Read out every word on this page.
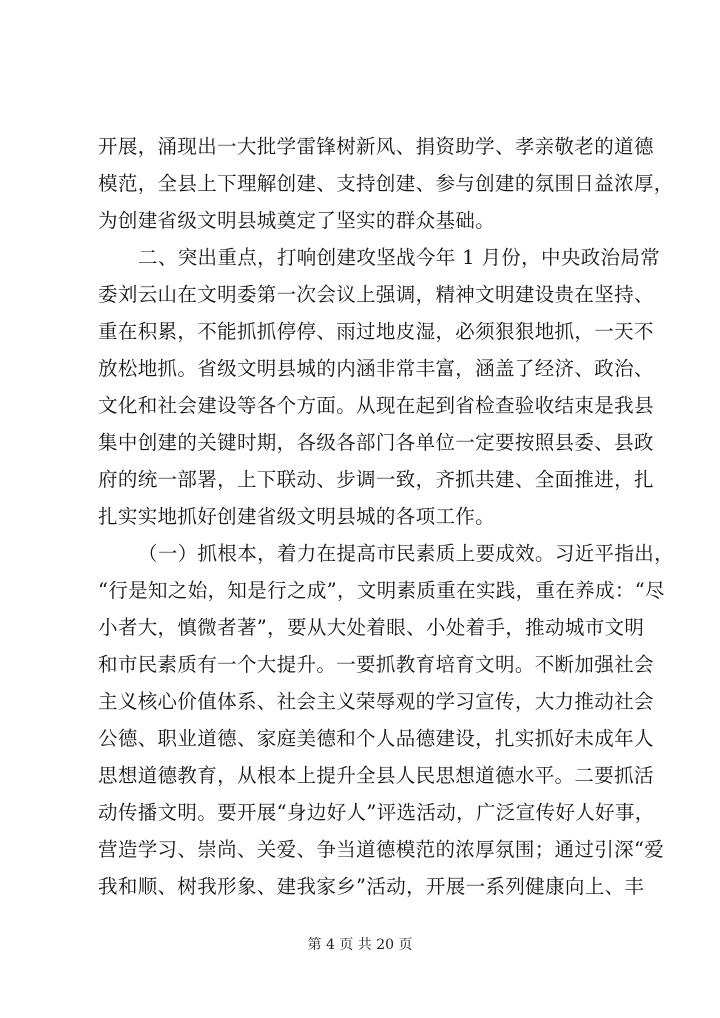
开展，涌现出一大批学雷锋树新风、捐资助学、孝亲敬老的道德
模范，全县上下理解创建、支持创建、参与创建的氛围日益浓厚，
为创建省级文明县城奠定了坚实的群众基础。
二、突出重点，打响创建攻坚战今年 1 月份，中央政治局常
委刘云山在文明委第一次会议上强调，精神文明建设贵在坚持、
重在积累，不能抓抓停停、雨过地皮湿，必须狠狠地抓，一天不
放松地抓。省级文明县城的内涵非常丰富，涵盖了经济、政治、
文化和社会建设等各个方面。从现在起到省检查验收结束是我县
集中创建的关键时期，各级各部门各单位一定要按照县委、县政
府的统一部署，上下联动、步调一致，齐抓共建、全面推进，扎
扎实实地抓好创建省级文明县城的各项工作。
（一）抓根本，着力在提高市民素质上要成效。习近平指出，
“行是知之始，知是行之成”，文明素质重在实践，重在养成：“尽
小者大，慎微者著”，要从大处着眼、小处着手，推动城市文明
和市民素质有一个大提升。一要抓教育培育文明。不断加强社会
主义核心价值体系、社会主义荣辱观的学习宣传，大力推动社会
公德、职业道德、家庭美德和个人品德建设，扎实抓好未成年人
思想道德教育，从根本上提升全县人民思想道德水平。二要抓活
动传播文明。要开展“身边好人”评选活动，广泛宣传好人好事，
营造学习、崇尚、关爱、争当道德模范的浓厚氛围；通过引深“爱
我和顺、树我形象、建我家乡”活动，开展一系列健康向上、丰
第 4 页 共 20 页
